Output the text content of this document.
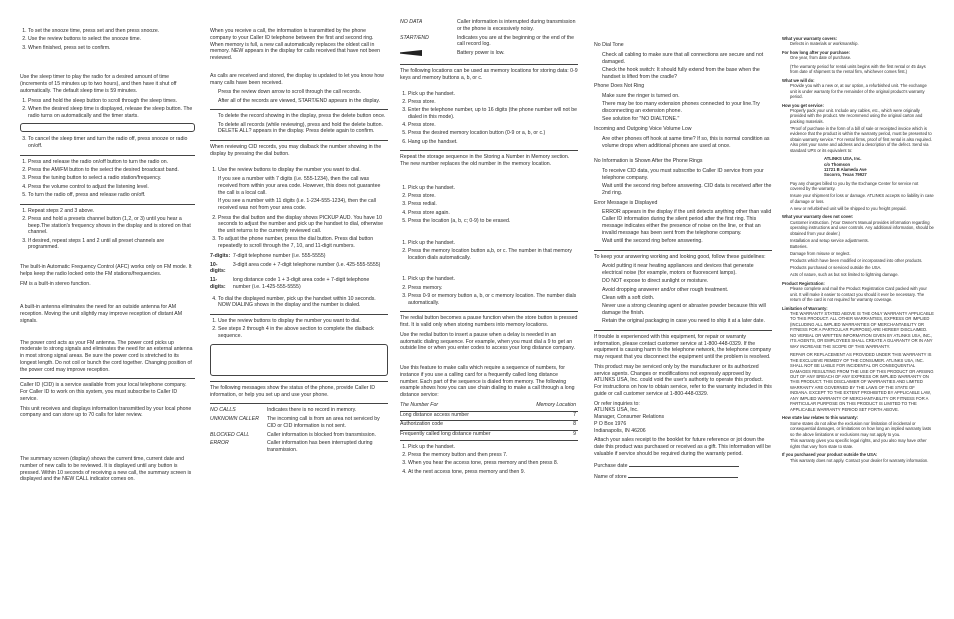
1. To set the snooze time, press set and then press snooze.
2. Use the review buttons to select the snooze time.
3. When finished, press set to confirm.

Use the sleep timer to play the radio for a desired amount of time (increments of 15 minutes up to two hours), and then have it shut off automatically. The default sleep time is 59 minutes.

1. Press and hold the sleep button to scroll through the sleep times.
2. When the desired sleep time is displayed, release the sleep button. The radio turns on automatically and the timer starts.
3. To cancel the sleep timer and turn the radio off, press snooze or radio on/off.
1. Press and release the radio on/off button to turn the radio on.
2. Press the AM/FM button to the select the desired broadcast band.
3. Press the tuning button to select a radio station/frequency.
4. Press the volume control to adjust the listening level.
5. To turn the radio off, press and release radio on/off.
1. Repeat steps 2 and 3 above.
2. Press and hold a presets channel button (1,2, or 3) until you hear a beep.The station's frequency shows in the display and is stored on that channel.
3. If desired, repeat steps 1 and 2 until all preset channels are programmed.

The built-in Automatic Frequency Control (AFC) works only on FM mode. It helps keep the radio locked onto the FM stations/frequencies.

FM is a built-in stereo function.

A built-in antenna eliminates the need for an outside antenna for AM reception. Moving the unit slightly may improve reception of distant AM signals.

The power cord acts as your FM antenna. The power cord picks up moderate to strong signals and eliminates the need for an external antenna in most strong signal areas. Be sure the power cord is stretched to its longest length. Do not coil or bunch the cord together. Changing position of the power cord may improve reception.

Caller ID (CID) is a service available from your local telephone company. For Caller ID to work on this system, you must subscribe to Caller ID service.

This unit receives and displays information transmitted by your local phone company and can store up to 70 calls for later review.

The summary screen (display) shows the current time, current date and number of new calls to be reviewed. It is displayed until any button is pressed. Within 10 seconds of receiving a new call, the summary screen is displayed and the NEW CALL indicator comes on.

When you receive a call, the information is transmitted by the phone company to your Caller ID telephone between the first and second ring. When memory is full, a new call automatically replaces the oldest call in memory. NEW appears in the display for calls received that have not been reviewed.

As calls are received and stored, the display is updated to let you know how many calls have been received.

• Press the review down arrow to scroll through the call records.
• After all of the records are viewed, START/END appears in the display.
• To delete the record showing in the display, press the delete button once.
• To delete all records (while reviewing), press and hold the delete button. DELETE ALL? appears in the display. Press delete again to confirm.

When reviewing CID records, you may dialback the number showing in the display by pressing the dial button.

1. Use the review buttons to display the number you want to dial.
• If you see a number with 7 digits (i.e. 555-1234), then the call was received from within your area code. However, this does not guarantee the call is a local call.
• If you see a number with 11 digits (i.e. 1-234-555-1234), then the call received was not from your area code.
2. Press the dial button and the display shows PICKUP AUD. You have 10 seconds to adjust the number and pick up the handset to dial, otherwise the unit returns to the currently reviewed call.
3. To adjust the phone number, press the dial button. Press dial button repeatedly to scroll through the 7, 10, and 11-digit numbers.
7-digits:	7-digit telephone number (i.e. 555-5555)
10-digits:	3-digit area code + 7-digit telephone number (i.e. 425-555-5555)
11-digits:	long distance code 1 + 3-digit area code + 7-digit telephone number (i.e. 1-425-555-5555)
4. To dial the displayed number, pick up the handset within 10 seconds. NOW DIALING shows in the display and the number is dialed.
1. Use the review buttons to display the number you want to dial.
2. See steps 2 through 4 in the above section to complete the dialback sequence.

The following messages show the status of the phone, provide Caller ID information, or help you set up and use your phone.

NO CALLS	Indicates there is no record in memory.
UNKNOWN CALLER	The incoming call is from an area not serviced by CID or CID information is not sent.
BLOCKED CALL	Caller information is blocked from transmission.
ERROR	Caller information has been interrupted during transmission.
NO DATA	Caller information is interrupted during transmission or the phone is excessively noisy.
START/END	Indicates you are at the beginning or the end of the call record log.
	Battery power is low.

The following locations can be used as memory locations for storing data: 0-9 keys and memory buttons a, b, or c.

1. Pick up the handset.
2. Press store.
3. Enter the telephone number, up to 16 digits (the phone number will not be dialed in this mode).
4. Press store.
5. Press the desired memory location button (0-9 or a, b, or c.)
6. Hang up the handset.

Repeat the storage sequence in the Storing a Number in Memory section. The new number replaces the old number in the memory location.

1. Pick up the handset.
2. Press store.
3. Press redial.
4. Press store again.
5. Press the location (a, b, c; 0-9) to be erased.
1. Pick up the handset.
2. Press the memory location button a,b, or c. The number in that memory location dials automatically.
1. Pick up the handset.
2. Press memory.
3. Press 0-9 or memory button a, b, or c memory location. The number dials automatically.

The redial button becomes a pause function when the store button is pressed first. It is valid only when storing numbers into memory locations.

Use the redial button to insert a pause when a delay is needed in an automatic dialing sequence. For example, when you must dial a 9 to get an outside line or when you enter codes to access your long distance company.

Use this feature to make calls which require a sequence of numbers, for instance if you use a calling card for a frequently called long distance number. Each part of the sequence is dialed from memory. The following example shows how you can use chain dialing to make a call through a long distance service:

The Number For	Memory Location
Long distance access number	7
Authorization code	8
Frequently called long distance number	9
1. Pick up the handset.
2. Press the memory button and then press 7.
3. When you hear the access tone, press memory and then press 8.
4. At the next access tone, press memory and then 9.

No Dial Tone

• Check all cabling to make sure that all connections are secure and not damaged.
• Check the hook switch: It should fully extend from the base when the handset is lifted from the cradle?

Phone Does Not Ring

• Make sure the ringer is turned on.
• There may be too many extension phones connected to your line.Try disconnecting an extension phone.
• See solution for "NO DIALTONE."

Incoming and Outgoing Voice Volume Low

• Are other phones off hook at same time? If so, this is normal condition as volume drops when additional phones are used at once.

No Information is Shown After the Phone Rings

• To receive CID data, you must subscribe to Caller ID service from your telephone company.
• Wait until the second ring before answering. CID data is received after the 2nd ring.

Error Message is Displayed

• ERROR appears in the display if the unit detects anything other than valid Caller ID information during the silent period after the first ring. This message indicates either the presence of noise on the line, or that an invalid message has been sent from the telephone company.
• Wait until the second ring before answering.

To keep your answering working and looking good, follow these guidelines:

• Avoid putting it near heating appliances and devices that generate electrical noise (for example, motors or fluorescent lamps).
• DO NOT expose to direct sunlight or moisture.
• Avoid dropping answerer and/or other rough treatment.
• Clean with a soft cloth.
• Never use a strong cleaning agent or abrasive powder because this will damage the finish.
• Retain the original packaging in case you need to ship it at a later date.

If trouble is experienced with this equipment, for repair or warranty information, please contact customer service at 1-800-448-0329. If the equipment is causing harm to the telephone network, the telephone company may request that you disconnect the equipment until the problem is resolved.

This product may be serviced only by the manufacturer or its authorized service agents. Changes or modifications not expressly approved by ATLINKS USA, Inc. could void the user's authority to operate this product. For instructions on how to obtain service, refer to the warranty included in this guide or call customer service at 1-800-448-0329.

Or refer inquiries to:

ATLINKS USA, Inc.

Manager, Consumer Relations

P O Box 1976

Indianapolis, IN 46206

Attach your sales receipt to the booklet for future reference or jot down the date this product was purchased or received as a gift. This information will be valuable if service should be required during the warranty period.

Purchase date

Name of store

What your warranty covers:

• Defects in materials or workmanship.

For how long after your purchase:

• One year, from date of purchase.

(The warranty period for rental units begins with the first rental or 45 days from date of shipment to the rental firm, whichever comes first.)

What we will do:

• Provide you with a new or, at our option, a refurbished unit. The exchange unit is under warranty for the remainder of the original product's warranty period.

How you get service:

• Properly pack your unit. Include any cables, etc., which were originally provided with the product. We recommend using the original carton and packing materials.
• "Proof of purchase in the form of a bill of sale or receipted invoice which is evidence that the product is within the warranty period, must be presented to obtain warranty service." For rental firms, proof of first rental is also required. Also print your name and address and a description of the defect. Send via standard UPS or its equivalent to:

ATLINKS USA, Inc.

c/o Thomson

11721 B Alameda Ave

Socorro, Texas 79927

• Pay any charges billed to you by the Exchange Center for service not covered by the warranty.
• Insure your shipment for loss or damage. ATLINKS accepts no liability in case of damage or loss.
• A new or refurbished unit will be shipped to you freight prepaid.

What your warranty does not cover:

• Customer instruction. (Your Owner's Manual provides information regarding operating instructions and user controls. Any additional information, should be obtained from your dealer.)
• Installation and setup service adjustments.
• Batteries.
• Damage from misuse or neglect.
• Products which have been modified or incorporated into other products.
• Products purchased or serviced outside the USA.
• Acts of nature, such as but not limited to lightning damage.

Product Registration:

• Please complete and mail the Product Registration Card packed with your unit. It will make it easier to contact you should it ever be necessary. The return of the card is not required for warranty coverage.

Limitation of Warranty:

• THE WARRANTY STATED ABOVE IS THE ONLY WARRANTY APPLICABLE TO THIS PRODUCT. ALL OTHER WARRANTIES, EXPRESS OR IMPLIED (INCLUDING ALL IMPLIED WARRANTIES OF MERCHANTABILITY OR FITNESS FOR A PARTICULAR PURPOSE) ARE HEREBY DISCLAIMED. NO VERBAL OR WRITTEN INFORMATION GIVEN BY ATLINKS USA, INC., ITS AGENTS, OR EMPLOYEES SHALL CREATE A GUARANTY OR IN ANY WAY INCREASE THE SCOPE OF THIS WARRANTY.

REPAIR OR REPLACEMENT AS PROVIDED UNDER THIS WARRANTY IS THE EXCLUSIVE REMEDY OF THE CONSUMER. ATLINKS USA, INC. SHALL NOT BE LIABLE FOR INCIDENTAL OR CONSEQUENTIAL DAMAGES RESULTING FROM THE USE OF THIS PRODUCT OR ARISING OUT OF ANY BREACH OF ANY EXPRESS OR IMPLIED WARRANTY ON THIS PRODUCT. THIS DISCLAIMER OF WARRANTIES AND LIMITED WARRANTY ARE GOVERNED BY THE LAWS OF THE STATE OF INDIANA. EXCEPT TO THE EXTENT PROHIBITED BY APPLICABLE LAW, ANY IMPLIED WARRANTY OF MERCHANTABILITY OR FITNESS FOR A PARTICULAR PURPOSE ON THIS PRODUCT IS LIMITED TO THE APPLICABLE WARRANTY PERIOD SET FORTH ABOVE.

How state law relates to this warranty:

• Some states do not allow the exclusion nor limitation of incidental or consequential damages, or limitations on how long an implied warranty lasts so the above limitations or exclusions may not apply to you.
• This warranty gives you specific legal rights, and you also may have other rights that vary from state to state.

If you purchased your product outside the USA:

• This warranty does not apply. Contact your dealer for warranty information.
